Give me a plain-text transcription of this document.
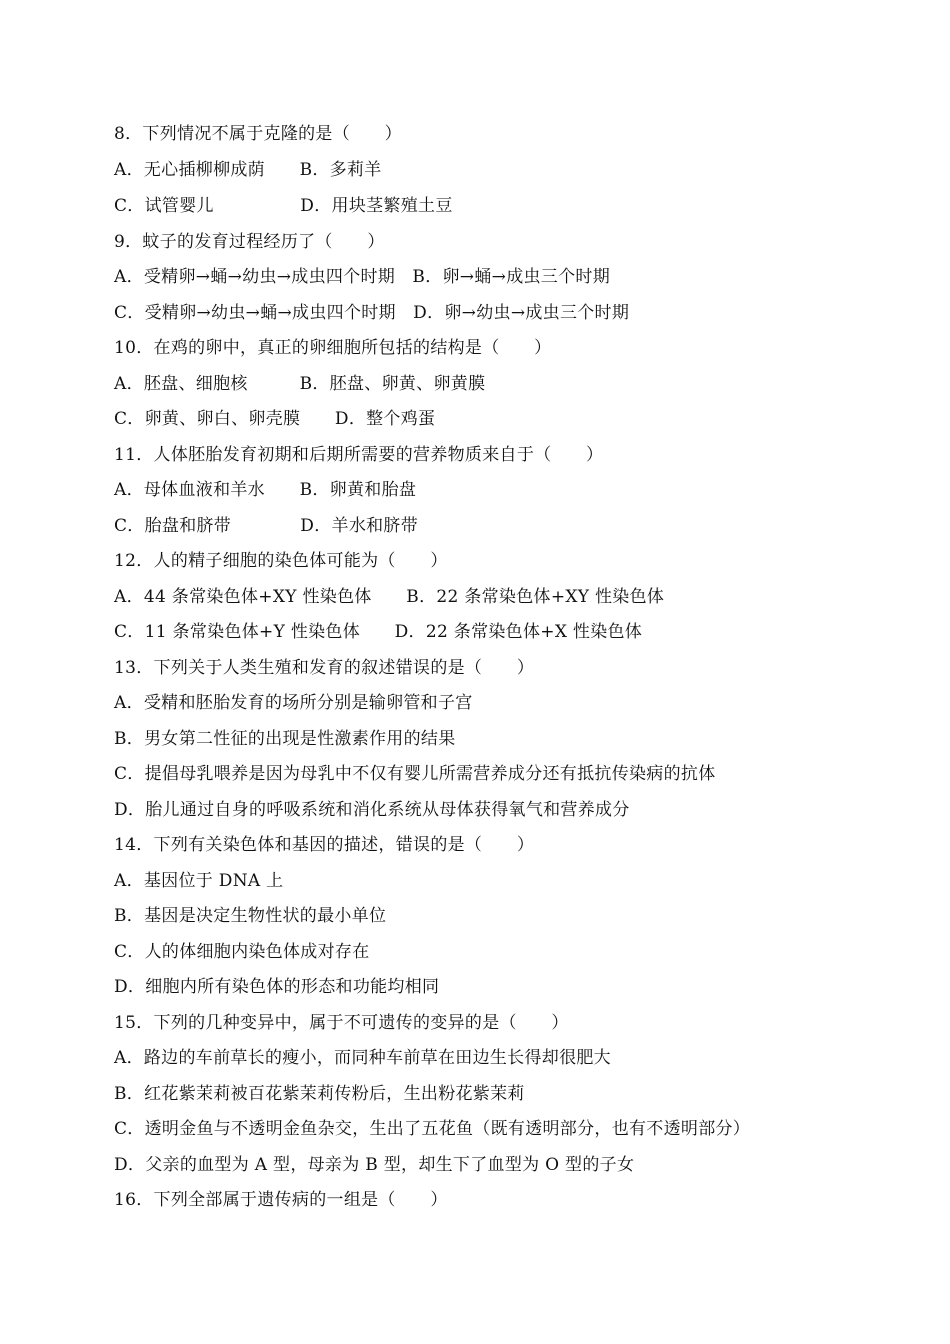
8．下列情况不属于克隆的是（　　）
A．无心插柳柳成荫　　B．多莉羊
C．试管婴儿　　　　　D．用块茎繁殖土豆
9．蚊子的发育过程经历了（　　）
A．受精卵→蛹→幼虫→成虫四个时期　B．卵→蛹→成虫三个时期
C．受精卵→幼虫→蛹→成虫四个时期　D．卵→幼虫→成虫三个时期
10．在鸡的卵中，真正的卵细胞所包括的结构是（　　）
A．胚盘、细胞核　　　B．胚盘、卵黄、卵黄膜
C．卵黄、卵白、卵壳膜　　D．整个鸡蛋
11．人体胚胎发育初期和后期所需要的营养物质来自于（　　）
A．母体血液和羊水　　B．卵黄和胎盘
C．胎盘和脐带　　　　D．羊水和脐带
12．人的精子细胞的染色体可能为（　　）
A．44 条常染色体+XY 性染色体　　B．22 条常染色体+XY 性染色体
C．11 条常染色体+Y 性染色体　　D．22 条常染色体+X 性染色体
13．下列关于人类生殖和发育的叙述错误的是（　　）
A．受精和胚胎发育的场所分别是输卵管和子宫
B．男女第二性征的出现是性激素作用的结果
C．提倡母乳喂养是因为母乳中不仅有婴儿所需营养成分还有抵抗传染病的抗体
D．胎儿通过自身的呼吸系统和消化系统从母体获得氧气和营养成分
14．下列有关染色体和基因的描述，错误的是（　　）
A．基因位于 DNA 上
B．基因是决定生物性状的最小单位
C．人的体细胞内染色体成对存在
D．细胞内所有染色体的形态和功能均相同
15．下列的几种变异中，属于不可遗传的变异的是（　　）
A．路边的车前草长的瘦小，而同种车前草在田边生长得却很肥大
B．红花紫茉莉被百花紫茉莉传粉后，生出粉花紫茉莉
C．透明金鱼与不透明金鱼杂交，生出了五花鱼（既有透明部分，也有不透明部分）
D．父亲的血型为 A 型，母亲为 B 型，却生下了血型为 O 型的子女
16．下列全部属于遗传病的一组是（　　）
